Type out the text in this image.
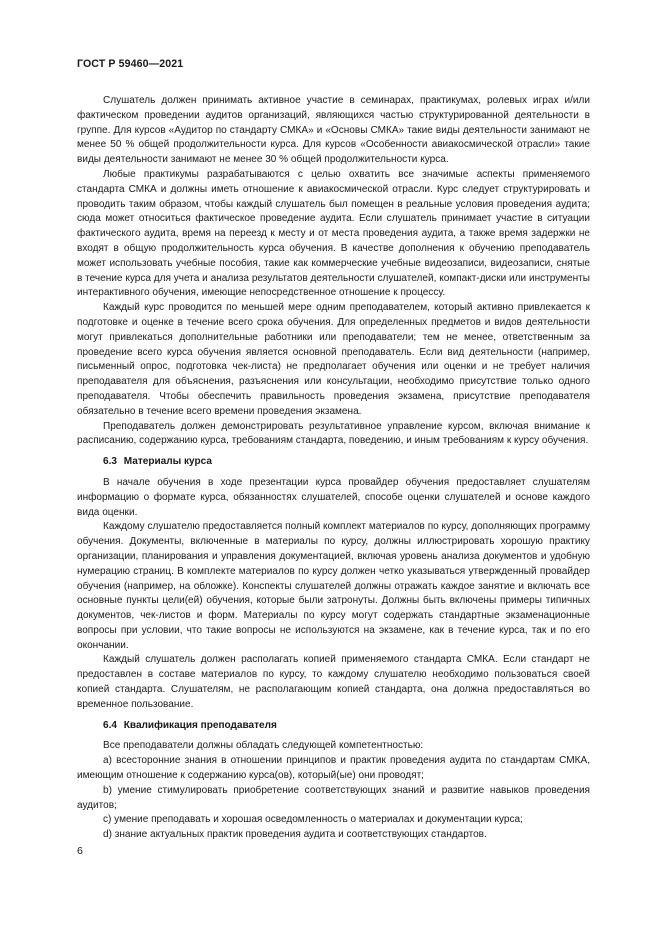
ГОСТ Р 59460—2021

Слушатель должен принимать активное участие в семинарах, практикумах, ролевых играх и/или фактическом проведении аудитов организаций, являющихся частью структурированной деятельности в группе. Для курсов «Аудитор по стандарту СМКА» и «Основы СМКА» такие виды деятельности занимают не менее 50 % общей продолжительности курса. Для курсов «Особенности авиакосмической отрасли» такие виды деятельности занимают не менее 30 % общей продолжительности курса.

Любые практикумы разрабатываются с целью охватить все значимые аспекты применяемого стандарта СМКА и должны иметь отношение к авиакосмической отрасли. Курс следует структурировать и проводить таким образом, чтобы каждый слушатель был помещен в реальные условия проведения аудита; сюда может относиться фактическое проведение аудита. Если слушатель принимает участие в ситуации фактического аудита, время на переезд к месту и от места проведения аудита, а также время задержки не входят в общую продолжительность курса обучения. В качестве дополнения к обучению преподаватель может использовать учебные пособия, такие как коммерческие учебные видеозаписи, видеозаписи, снятые в течение курса для учета и анализа результатов деятельности слушателей, компакт-диски или инструменты интерактивного обучения, имеющие непосредственное отношение к процессу.

Каждый курс проводится по меньшей мере одним преподавателем, который активно привлекается к подготовке и оценке в течение всего срока обучения. Для определенных предметов и видов деятельности могут привлекаться дополнительные работники или преподаватели; тем не менее, ответственным за проведение всего курса обучения является основной преподаватель. Если вид деятельности (например, письменный опрос, подготовка чек-листа) не предполагает обучения или оценки и не требует наличия преподавателя для объяснения, разъяснения или консультации, необходимо присутствие только одного преподавателя. Чтобы обеспечить правильность проведения экзамена, присутствие преподавателя обязательно в течение всего времени проведения экзамена.

Преподаватель должен демонстрировать результативное управление курсом, включая внимание к расписанию, содержанию курса, требованиям стандарта, поведению, и иным требованиям к курсу обучения.

6.3 Материалы курса

В начале обучения в ходе презентации курса провайдер обучения предоставляет слушателям информацию о формате курса, обязанностях слушателей, способе оценки слушателей и основе каждого вида оценки.

Каждому слушателю предоставляется полный комплект материалов по курсу, дополняющих программу обучения. Документы, включенные в материалы по курсу, должны иллюстрировать хорошую практику организации, планирования и управления документацией, включая уровень анализа документов и удобную нумерацию страниц. В комплекте материалов по курсу должен четко указываться утвержденный провайдер обучения (например, на обложке). Конспекты слушателей должны отражать каждое занятие и включать все основные пункты цели(ей) обучения, которые были затронуты. Должны быть включены примеры типичных документов, чек-листов и форм. Материалы по курсу могут содержать стандартные экзаменационные вопросы при условии, что такие вопросы не используются на экзамене, как в течение курса, так и по его окончании.

Каждый слушатель должен располагать копией применяемого стандарта СМКА. Если стандарт не предоставлен в составе материалов по курсу, то каждому слушателю необходимо пользоваться своей копией стандарта. Слушателям, не располагающим копией стандарта, она должна предоставляться во временное пользование.

6.4 Квалификация преподавателя

Все преподаватели должны обладать следующей компетентностью:

a) всесторонние знания в отношении принципов и практик проведения аудита по стандартам СМКА, имеющим отношение к содержанию курса(ов), который(ые) они проводят;

b) умение стимулировать приобретение соответствующих знаний и развитие навыков проведения аудитов;

c) умение преподавать и хорошая осведомленность о материалах и документации курса;

d) знание актуальных практик проведения аудита и соответствующих стандартов.

6
